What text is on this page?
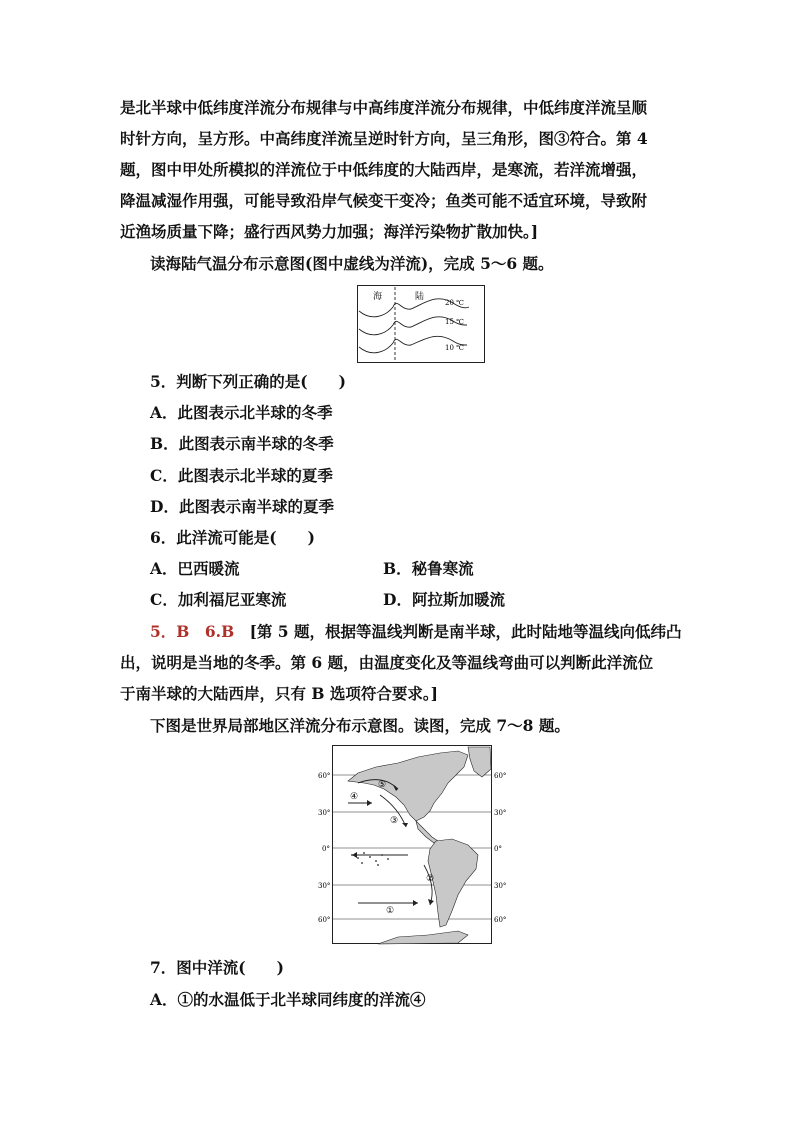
是北半球中低纬度洋流分布规律与中高纬度洋流分布规律，中低纬度洋流呈顺
时针方向，呈方形。中高纬度洋流呈逆时针方向，呈三角形，图③符合。第 4
题，图中甲处所模拟的洋流位于中低纬度的大陆西岸，是寒流，若洋流增强，
降温减湿作用强，可能导致沿岸气候变干变冷；鱼类可能不适宜环境，导致附
近渔场质量下降；盛行西风势力加强；海洋污染物扩散加快。]
读海陆气温分布示意图(图中虚线为洋流)，完成 5～6 题。
海	陆
20 ℃
15 ℃
10 ℃
5．判断下列正确的是(　　)
A．此图表示北半球的冬季
B．此图表示南半球的冬季
C．此图表示北半球的夏季
D．此图表示南半球的夏季
6．此洋流可能是(　　)
A．巴西暖流	B．秘鲁寒流
C．加利福尼亚寒流	D．阿拉斯加暖流
5．B　6.B [第 5 题，根据等温线判断是南半球，此时陆地等温线向低纬凸
出，说明是当地的冬季。第 6 题，由温度变化及等温线弯曲可以判断此洋流位
于南半球的大陆西岸，只有 B 选项符合要求。]
下图是世界局部地区洋流分布示意图。读图，完成 7～8 题。
④
⑤
③
②
①
60°
30°
0°
30°
60°
60°
30°
0°
30°
60°
7．图中洋流(　　)
A．①的水温低于北半球同纬度的洋流④
